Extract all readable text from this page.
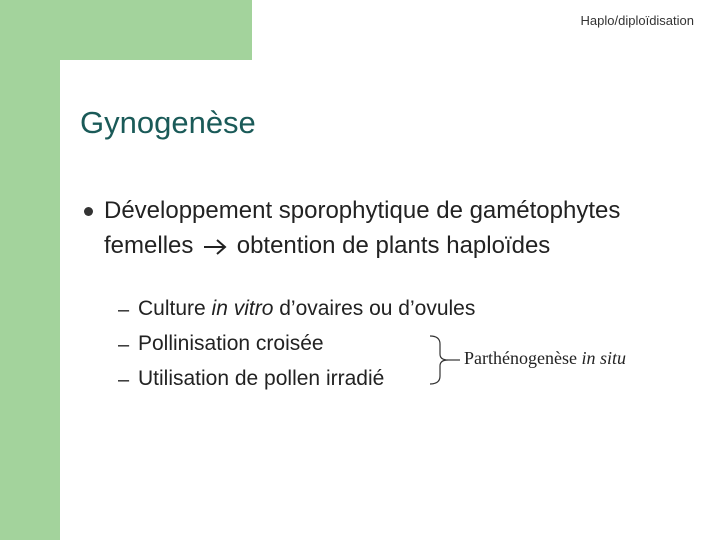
Haplo/diploïdisation
Gynogenèse
Développement sporophytique de gamétophytes femelles obtention de plants haploïdes
– Culture in vitro d’ovaires ou d’ovules
– Pollinisation croisée
– Utilisation de pollen irradié
Parthénogenèse in situ
